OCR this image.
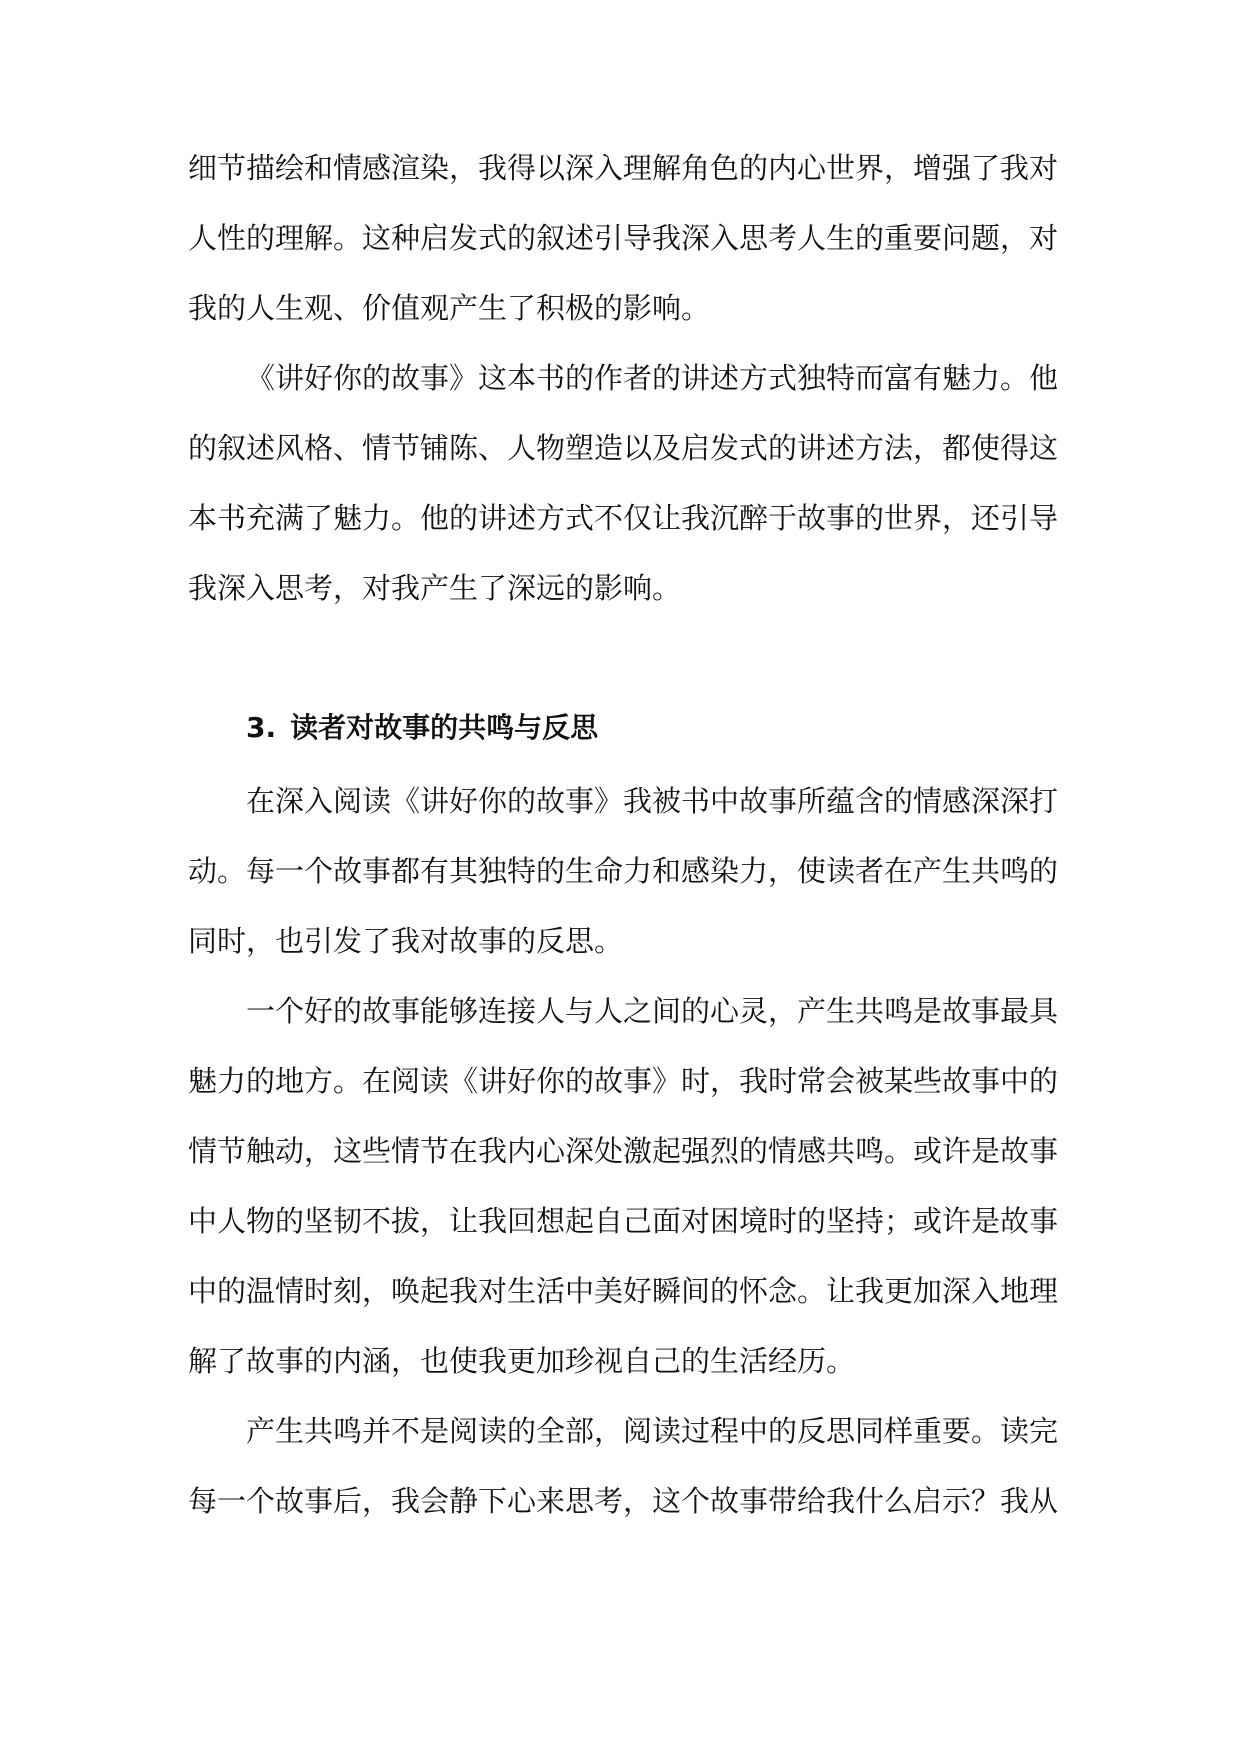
细节描绘和情感渲染，我得以深入理解角色的内心世界，增强了我对人性的理解。这种启发式的叙述引导我深入思考人生的重要问题，对我的人生观、价值观产生了积极的影响。

《讲好你的故事》这本书的作者的讲述方式独特而富有魅力。他的叙述风格、情节铺陈、人物塑造以及启发式的讲述方法，都使得这本书充满了魅力。他的讲述方式不仅让我沉醉于故事的世界，还引导我深入思考，对我产生了深远的影响。

3. 读者对故事的共鸣与反思

在深入阅读《讲好你的故事》我被书中故事所蕴含的情感深深打动。每一个故事都有其独特的生命力和感染力，使读者在产生共鸣的同时，也引发了我对故事的反思。

一个好的故事能够连接人与人之间的心灵，产生共鸣是故事最具魅力的地方。在阅读《讲好你的故事》时，我时常会被某些故事中的情节触动，这些情节在我内心深处激起强烈的情感共鸣。或许是故事中人物的坚韧不拔，让我回想起自己面对困境时的坚持；或许是故事中的温情时刻，唤起我对生活中美好瞬间的怀念。让我更加深入地理解了故事的内涵，也使我更加珍视自己的生活经历。

产生共鸣并不是阅读的全部，阅读过程中的反思同样重要。读完每一个故事后，我会静下心来思考，这个故事带给我什么启示？我从
